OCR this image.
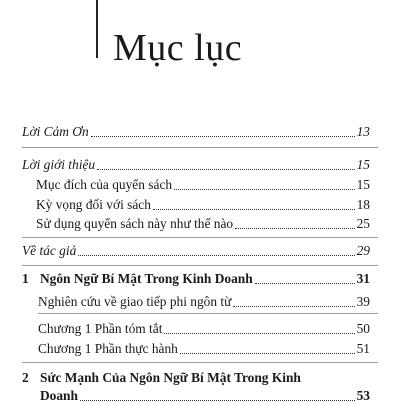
Mục lục
Lời Cảm Ơn	13
Lời giới thiệu	15
Mục đích của quyển sách	15
Kỳ vọng đối với sách	18
Sử dụng quyển sách này như thế nào	25
Về tác giả	29
1 Ngôn Ngữ Bí Mật Trong Kinh Doanh	31
Nghiên cứu về giao tiếp phi ngôn từ	39
Chương 1 Phần tóm tắt	50
Chương 1 Phần thực hành	51
2 Sức Mạnh Của Ngôn Ngữ Bí Mật Trong Kinh
Doanh	53
